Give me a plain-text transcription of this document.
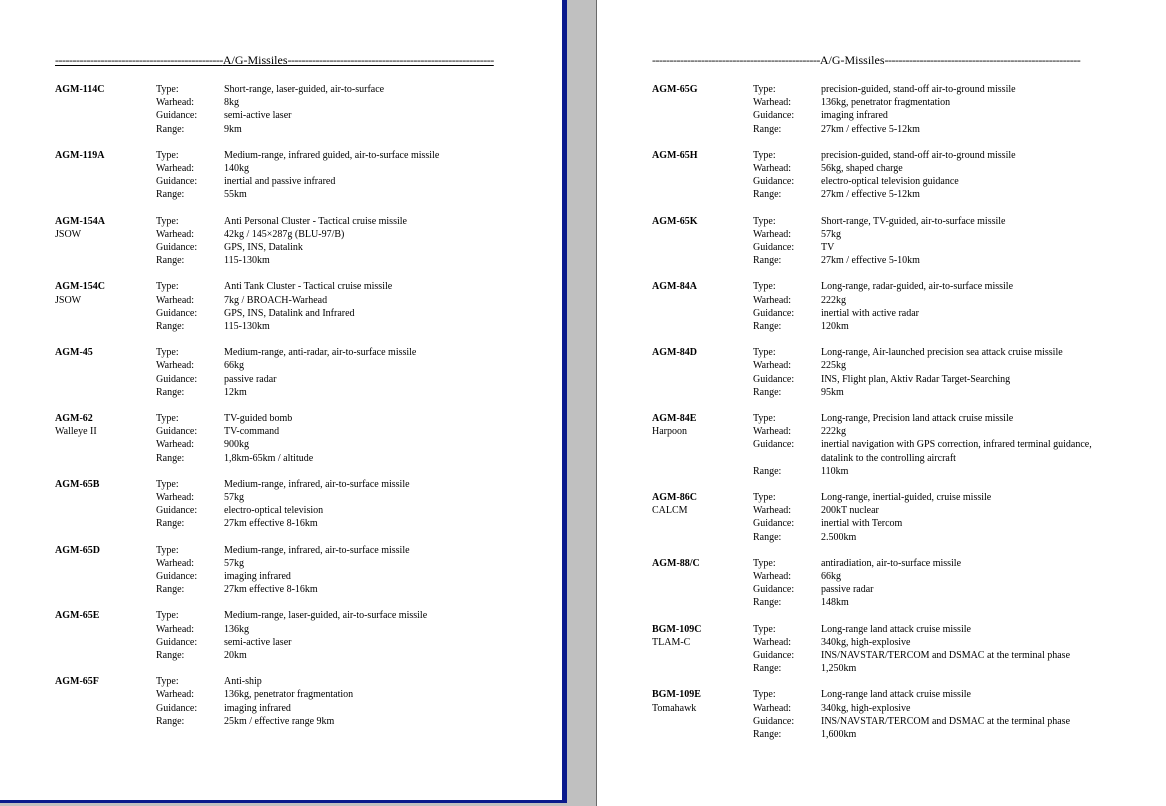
------------------------------------------------A/G-Missiles-----------------------------------------------------------
AGM-114C	Type:	Short-range, laser-guided, air-to-surface
Warhead:	8kg
Guidance:	semi-active laser
Range:	9km
AGM-119A	Type:	Medium-range, infrared guided, air-to-surface missile
Warhead:	140kg
Guidance:	inertial and passive infrared
Range:	55km
AGM-154A
JSOW
Type:	Anti Personal Cluster - Tactical cruise missile
Warhead:	42kg / 145×287g (BLU-97/B)
Guidance:	GPS, INS, Datalink
Range:	115-130km
AGM-154C
JSOW
Type:	Anti Tank Cluster - Tactical cruise missile
Warhead:	7kg / BROACH-Warhead
Guidance:	GPS, INS, Datalink and Infrared
Range:	115-130km
AGM-45	Type:	Medium-range, anti-radar, air-to-surface missile
Warhead:	66kg
Guidance:	passive radar
Range:	12km
AGM-62
Walleye II
Type:	TV-guided bomb
Guidance:	TV-command
Warhead:	900kg
Range:	1,8km-65km / altitude
AGM-65B	Type:	Medium-range, infrared, air-to-surface missile
Warhead:	57kg
Guidance:	electro-optical television
Range:	27km effective 8-16km
AGM-65D	Type:	Medium-range, infrared, air-to-surface missile
Warhead:	57kg
Guidance:	imaging infrared
Range:	27km effective 8-16km
AGM-65E	Type:	Medium-range, laser-guided, air-to-surface missile
Warhead:	136kg
Guidance:	semi-active laser
Range:	20km
AGM-65F	Type:	Anti-ship
Warhead:	136kg, penetrator fragmentation
Guidance:	imaging infrared
Range:	25km / effective range 9km
------------------------------------------------A/G-Missiles--------------------------------------------------------
AGM-65G	Type:	precision-guided, stand-off air-to-ground missile
Warhead:	136kg, penetrator fragmentation
Guidance:	imaging infrared
Range:	27km / effective 5-12km
AGM-65H	Type:	precision-guided, stand-off air-to-ground missile
Warhead:	56kg, shaped charge
Guidance:	electro-optical television guidance
Range:	27km / effective 5-12km
AGM-65K	Type:	Short-range, TV-guided, air-to-surface missile
Warhead:	57kg
Guidance:	TV
Range:	27km / effective 5-10km
AGM-84A	Type:	Long-range, radar-guided, air-to-surface missile
Warhead:	222kg
Guidance:	inertial with active radar
Range:	120km
AGM-84D	Type:	Long-range, Air-launched precision sea attack cruise missile
Warhead:	225kg
Guidance:	INS, Flight plan, Aktiv Radar Target-Searching
Range:	95km
AGM-84E
Harpoon
Type:	Long-range, Precision land attack cruise missile
Warhead:	222kg
Guidance:	inertial navigation with GPS correction, infrared terminal guidance, datalink to the controlling aircraft
Range:	110km
AGM-86C
CALCM
Type:	Long-range, inertial-guided, cruise missile
Warhead:	200kT nuclear
Guidance:	inertial with Tercom
Range:	2.500km
AGM-88/C	Type:	antiradiation, air-to-surface missile
Warhead:	66kg
Guidance:	passive radar
Range:	148km
BGM-109C
TLAM-C
Type:	Long-range land attack cruise missile
Warhead:	340kg, high-explosive
Guidance:	INS/NAVSTAR/TERCOM and DSMAC at the terminal phase
Range:	1,250km
BGM-109E
Tomahawk
Type:	Long-range land attack cruise missile
Warhead:	340kg, high-explosive
Guidance:	INS/NAVSTAR/TERCOM and DSMAC at the terminal phase
Range:	1,600km
